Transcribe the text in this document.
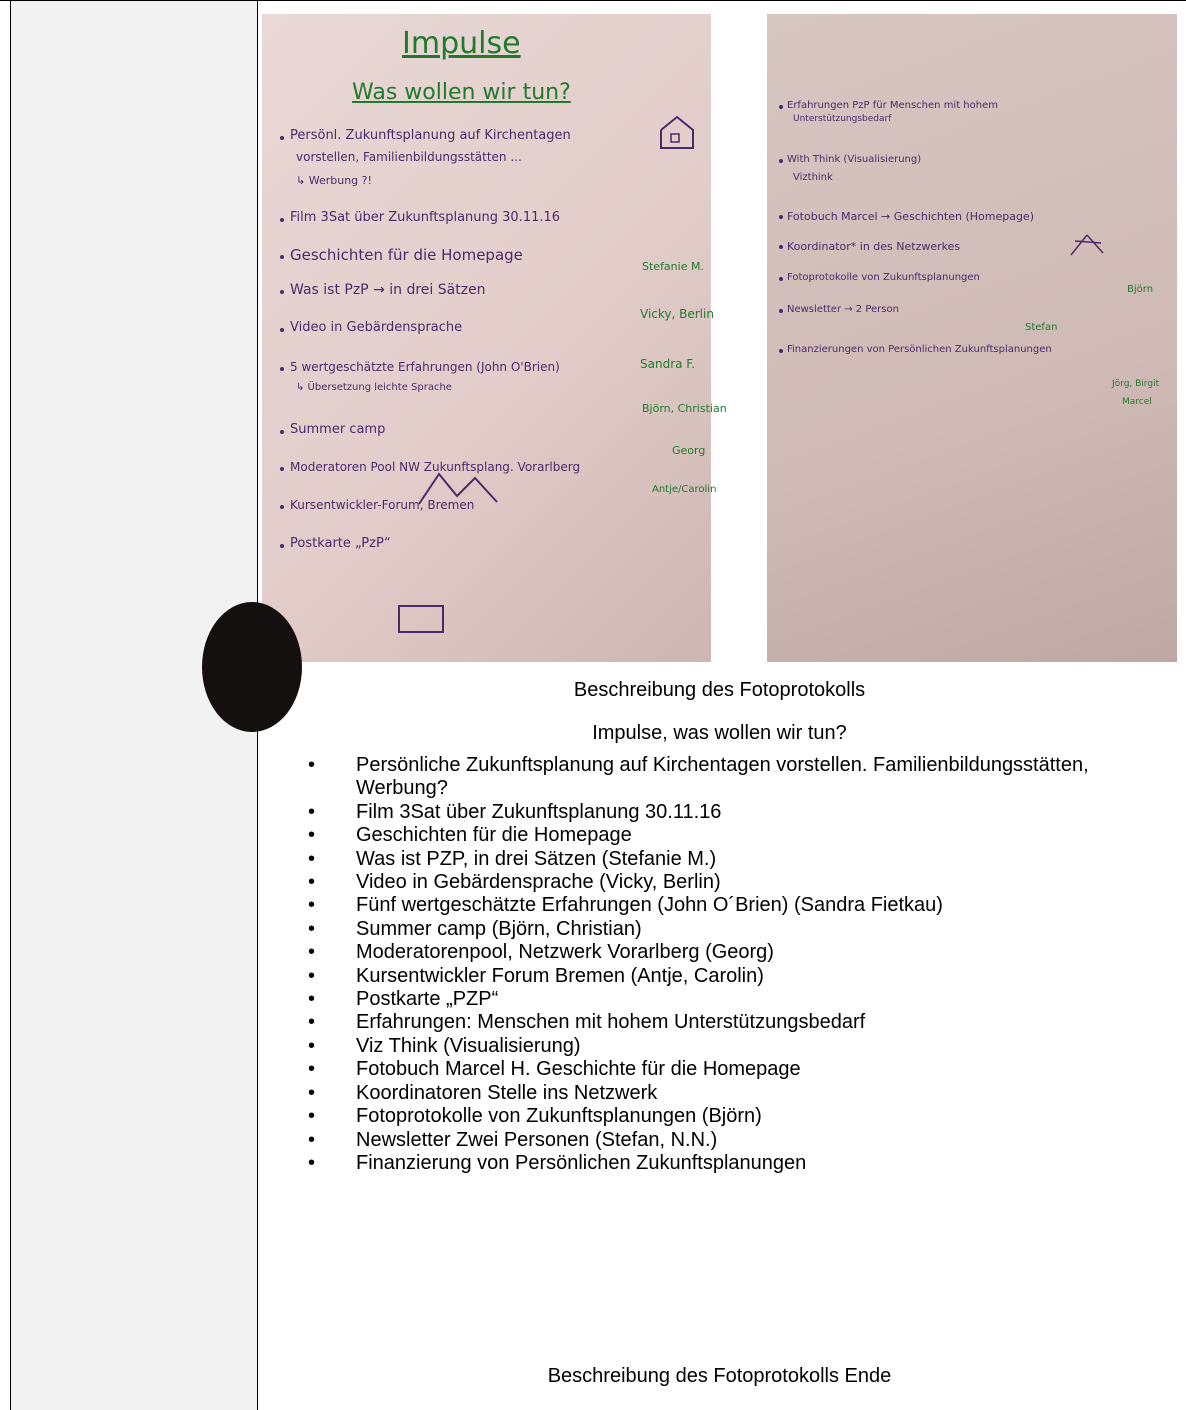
Impulse
Was wollen wir tun?
Persönl. Zukunftsplanung auf Kirchentagen
vorstellen, Familienbildungsstätten ...
↳ Werbung ?!
Film 3Sat über Zukunftsplanung 30.11.16
Geschichten für die Homepage
Was ist PzP → in drei Sätzen
Video in Gebärdensprache
5 wertgeschätzte Erfahrungen (John O'Brien)
↳ Übersetzung leichte Sprache
Summer camp
Moderatoren Pool NW Zukunftsplang. Vorarlberg
Kursentwickler-Forum, Bremen
Postkarte „PzP“
Stefanie M.
Vicky, Berlin
Sandra F.
Björn, Christian
Georg
Antje/Carolin
Erfahrungen PzP für Menschen mit hohem
Unterstützungsbedarf
With Think (Visualisierung)
Vizthink
Fotobuch Marcel → Geschichten (Homepage)
Koordinator* in des Netzwerkes
Fotoprotokolle von Zukunftsplanungen
Newsletter → 2 Person
Finanzierungen von Persönlichen Zukunftsplanungen
Björn
Stefan
Jörg, Birgit
Marcel
Beschreibung des Fotoprotokolls
Impulse, was wollen wir tun?
• Persönliche Zukunftsplanung auf Kirchentagen vorstellen. Familienbildungsstätten, Werbung?
• Film 3Sat über Zukunftsplanung 30.11.16
• Geschichten für die Homepage
• Was ist PZP, in drei Sätzen (Stefanie M.)
• Video in Gebärdensprache (Vicky, Berlin)
• Fünf wertgeschätzte Erfahrungen (John O´Brien) (Sandra Fietkau)
• Summer camp (Björn, Christian)
• Moderatorenpool, Netzwerk Vorarlberg (Georg)
• Kursentwickler Forum Bremen (Antje, Carolin)
• Postkarte „PZP“
• Erfahrungen: Menschen mit hohem Unterstützungsbedarf
• Viz Think (Visualisierung)
• Fotobuch Marcel H. Geschichte für die Homepage
• Koordinatoren Stelle ins Netzwerk
• Fotoprotokolle von Zukunftsplanungen (Björn)
• Newsletter Zwei Personen (Stefan, N.N.)
• Finanzierung von Persönlichen Zukunftsplanungen
Beschreibung des Fotoprotokolls Ende
